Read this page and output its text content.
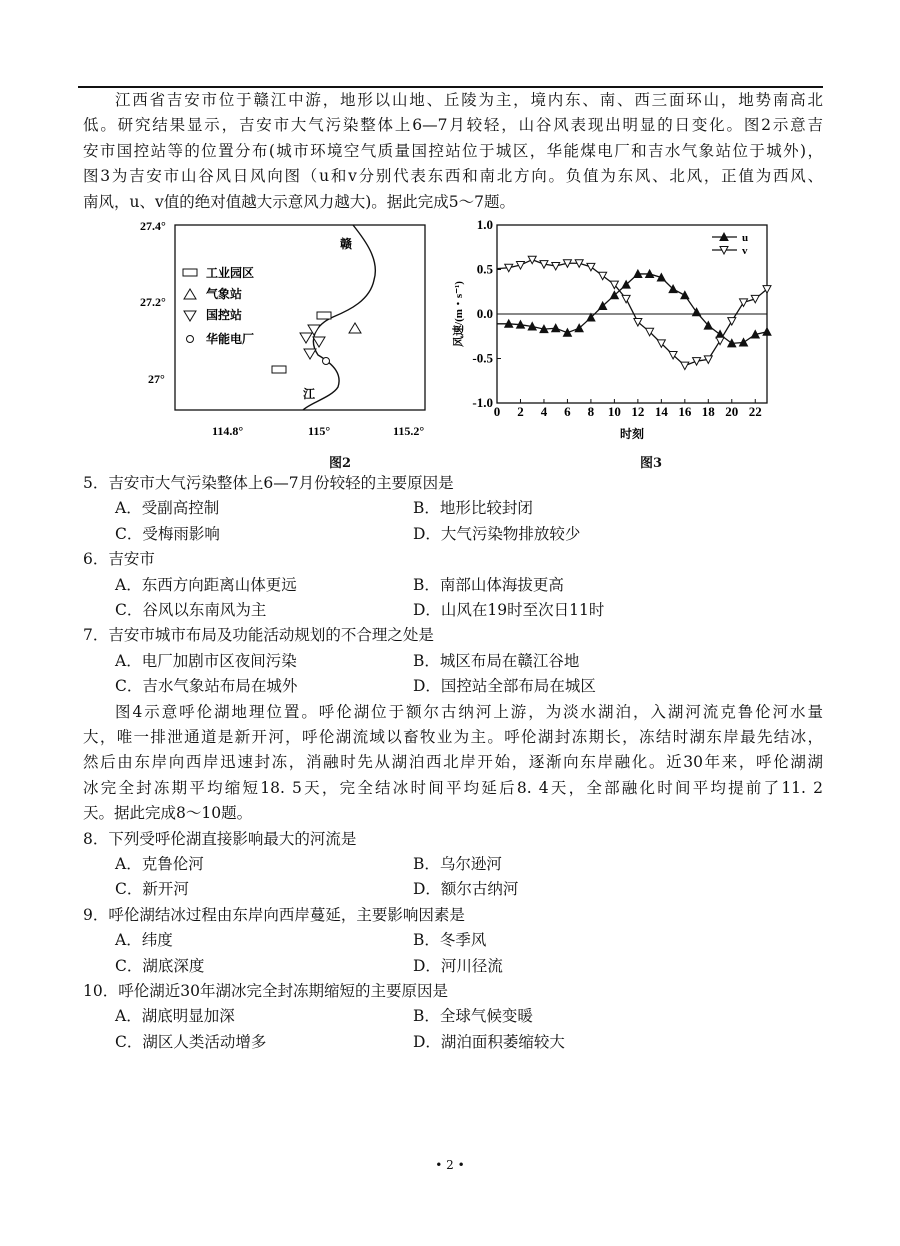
江西省吉安市位于赣江中游，地形以山地、丘陵为主，境内东、南、西三面环山，地势南高北
低。研究结果显示，吉安市大气污染整体上6—7月较轻，山谷风表现出明显的日变化。图2示意吉
安市国控站等的位置分布(城市环境空气质量国控站位于城区，华能煤电厂和吉水气象站位于城外)，
图3为吉安市山谷风日风向图（u和v分别代表东西和南北方向。负值为东风、北风，正值为西风、
南风，u、v值的绝对值越大示意风力越大)。据此完成5～7题。
27.4°
27.2°
27°
114.8°	115°	115.2°
赣
江
工业园区
气象站
国控站
华能电厂
图2
1.0
0.5
0.0
-0.5
-1.0
0 2 4 6 8 10 12 14 16 18 20 22
时刻
风速/(m・s⁻¹)
u
v
图3
5．吉安市大气污染整体上6—7月份较轻的主要原因是
A．受副高控制	B．地形比较封闭
C．受梅雨影响	D．大气污染物排放较少
6．吉安市
A．东西方向距离山体更远	B．南部山体海拔更高
C．谷风以东南风为主	D．山风在19时至次日11时
7．吉安市城市布局及功能活动规划的不合理之处是
A．电厂加剧市区夜间污染	B．城区布局在赣江谷地
C．吉水气象站布局在城外	D．国控站全部布局在城区
图4示意呼伦湖地理位置。呼伦湖位于额尔古纳河上游，为淡水湖泊，入湖河流克鲁伦河水量
大，唯一排泄通道是新开河，呼伦湖流域以畜牧业为主。呼伦湖封冻期长，冻结时湖东岸最先结冰，
然后由东岸向西岸迅速封冻，消融时先从湖泊西北岸开始，逐渐向东岸融化。近30年来，呼伦湖湖
冰完全封冻期平均缩短18. 5天，完全结冰时间平均延后8. 4天，全部融化时间平均提前了11. 2
天。据此完成8～10题。
8．下列受呼伦湖直接影响最大的河流是
A．克鲁伦河	B．乌尔逊河
C．新开河	D．额尔古纳河
9．呼伦湖结冰过程由东岸向西岸蔓延，主要影响因素是
A．纬度	B．冬季风
C．湖底深度	D．河川径流
10．呼伦湖近30年湖冰完全封冻期缩短的主要原因是
A．湖底明显加深	B．全球气候变暖
C．湖区人类活动增多	D．湖泊面积萎缩较大
• 2 •
